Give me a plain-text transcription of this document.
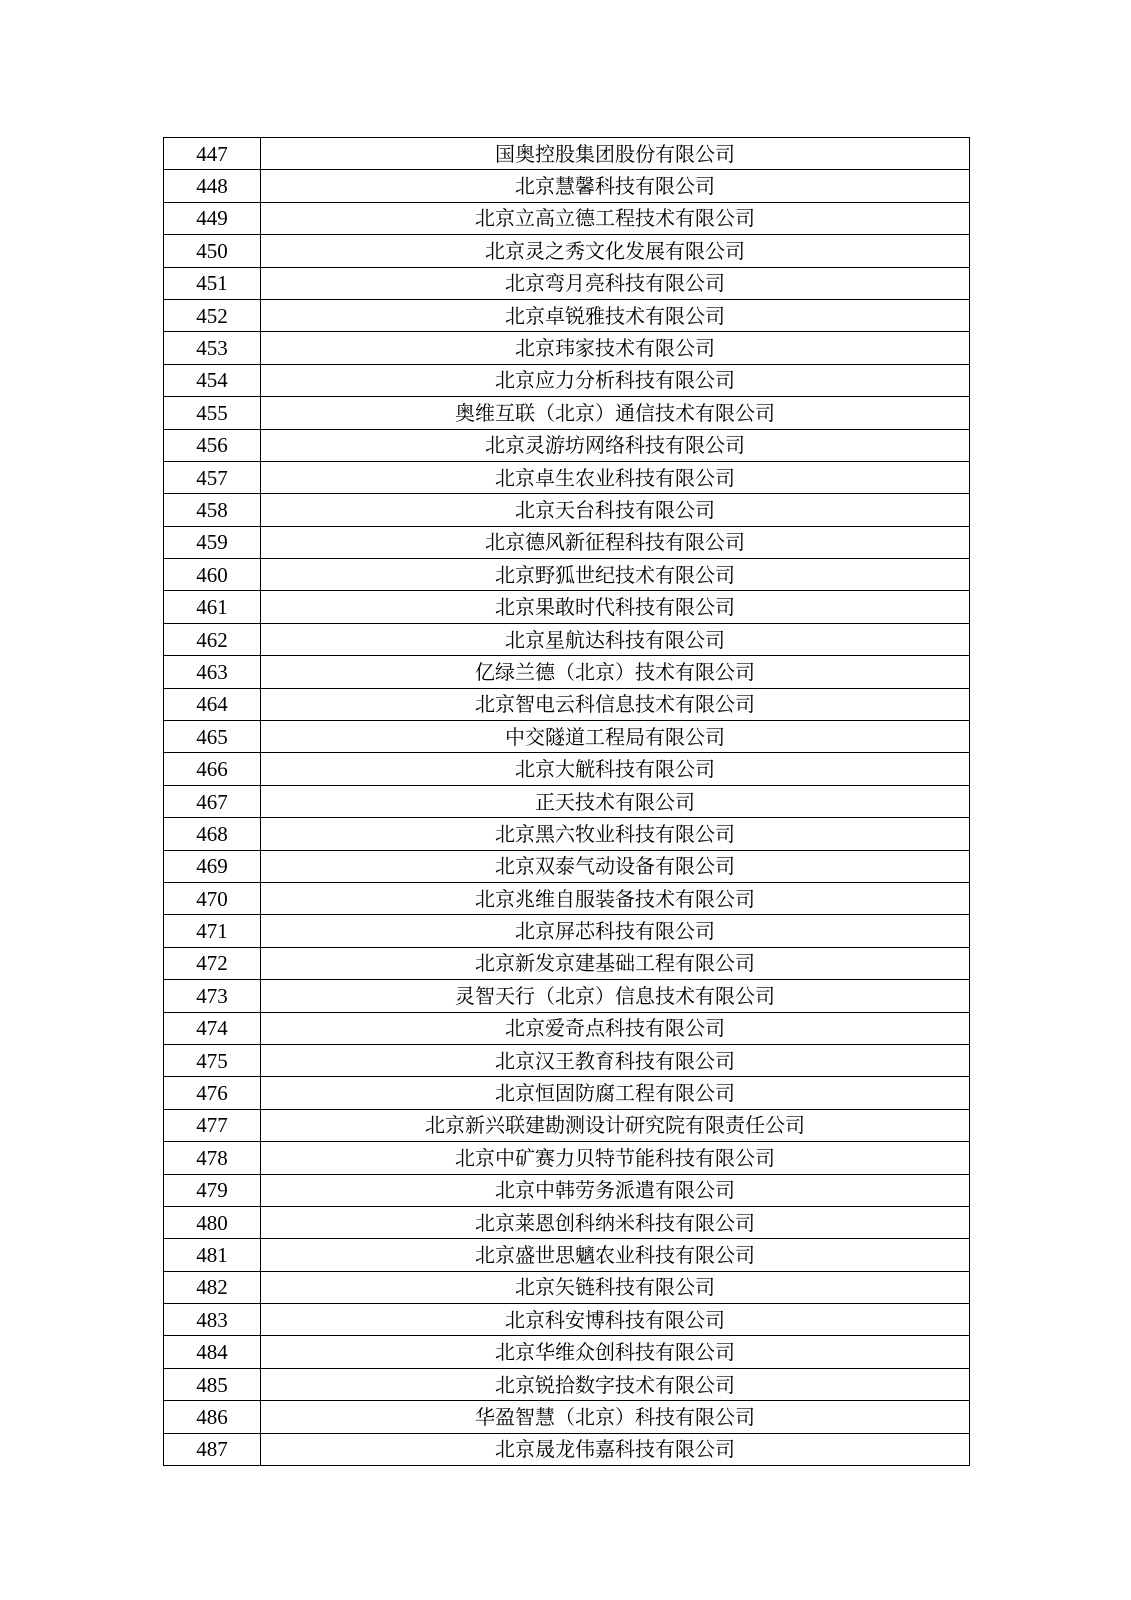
447	国奥控股集团股份有限公司
448	北京慧馨科技有限公司
449	北京立高立德工程技术有限公司
450	北京灵之秀文化发展有限公司
451	北京弯月亮科技有限公司
452	北京卓锐雅技术有限公司
453	北京玮家技术有限公司
454	北京应力分析科技有限公司
455	奥维互联（北京）通信技术有限公司
456	北京灵游坊网络科技有限公司
457	北京卓生农业科技有限公司
458	北京天台科技有限公司
459	北京德风新征程科技有限公司
460	北京野狐世纪技术有限公司
461	北京果敢时代科技有限公司
462	北京星航达科技有限公司
463	亿绿兰德（北京）技术有限公司
464	北京智电云科信息技术有限公司
465	中交隧道工程局有限公司
466	北京大觥科技有限公司
467	正天技术有限公司
468	北京黑六牧业科技有限公司
469	北京双泰气动设备有限公司
470	北京兆维自服装备技术有限公司
471	北京屏芯科技有限公司
472	北京新发京建基础工程有限公司
473	灵智天行（北京）信息技术有限公司
474	北京爱奇点科技有限公司
475	北京汉王教育科技有限公司
476	北京恒固防腐工程有限公司
477	北京新兴联建勘测设计研究院有限责任公司
478	北京中矿赛力贝特节能科技有限公司
479	北京中韩劳务派遣有限公司
480	北京莱恩创科纳米科技有限公司
481	北京盛世思魑农业科技有限公司
482	北京矢链科技有限公司
483	北京科安博科技有限公司
484	北京华维众创科技有限公司
485	北京锐拾数字技术有限公司
486	华盈智慧（北京）科技有限公司
487	北京晟龙伟嘉科技有限公司
